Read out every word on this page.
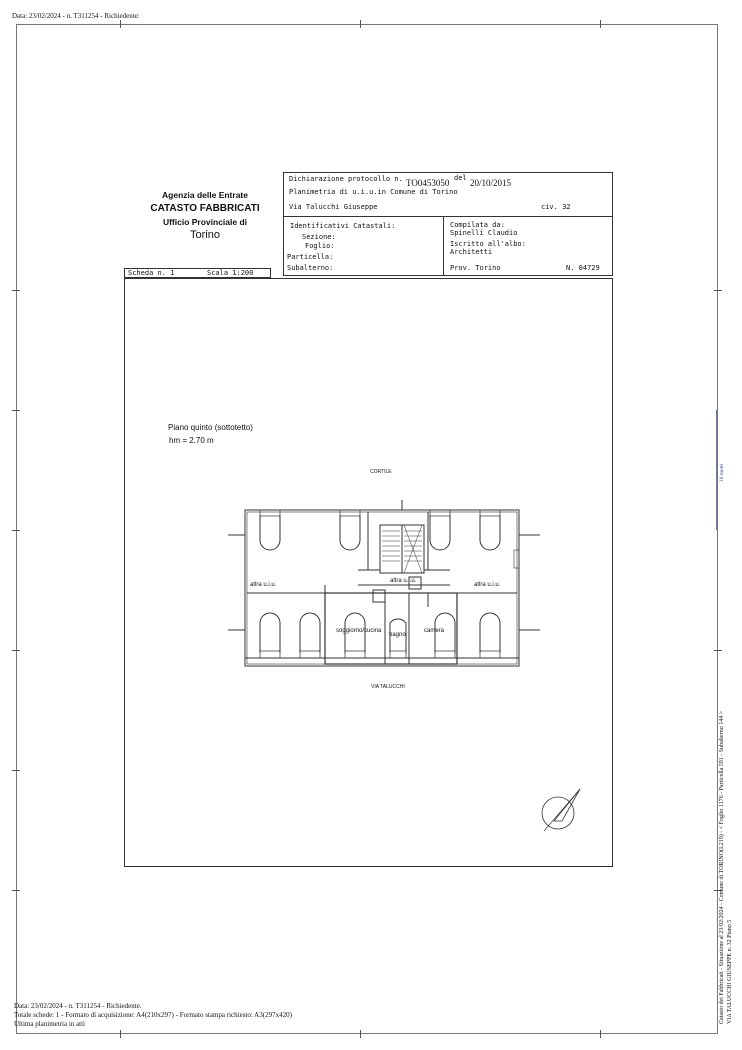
Data: 23/02/2024 - n. T311254 - Richiedente:
Agenzia delle Entrate
CATASTO FABBRICATI
Ufficio Provinciale di
Torino
Dichiarazione protocollo n. TO0453050 del 20/10/2015
Planimetria di u.i.u.in Comune di Torino
Via Talucchi Giuseppe	civ. 32
Identificativi Catastali:
Sezione:
Foglio:
Particella:
Subalterno:
Compilata da:
Spinelli Claudio
Iscritto all'albo:
Architetti
Prov. Torino	N. 04729
Scheda n. 1	Scala 1:200
Piano quinto (sottotetto)
hm = 2.70 m
CORTILE
VIA TALUCCHI
altra u.i.u.
altra u.i.u.
altra u.i.u.
soggiorno/cucina
bagno
camera
10 metri
Catasto dei Fabbricati - Situazione al 23/02/2024 - Comune di TORINO(L219) - < Foglio 1176 - Particella 591 - Subalterno 144 > VIA TALUCCHI GIUSEPPE n. 32 Piano 5
Data: 23/02/2024 - n. T311254 - Richiedente.
Totale schede: 1 - Formato di acquisizione: A4(210x297) - Formato stampa richiesto: A3(297x420)
Ultima planimetria in atti
